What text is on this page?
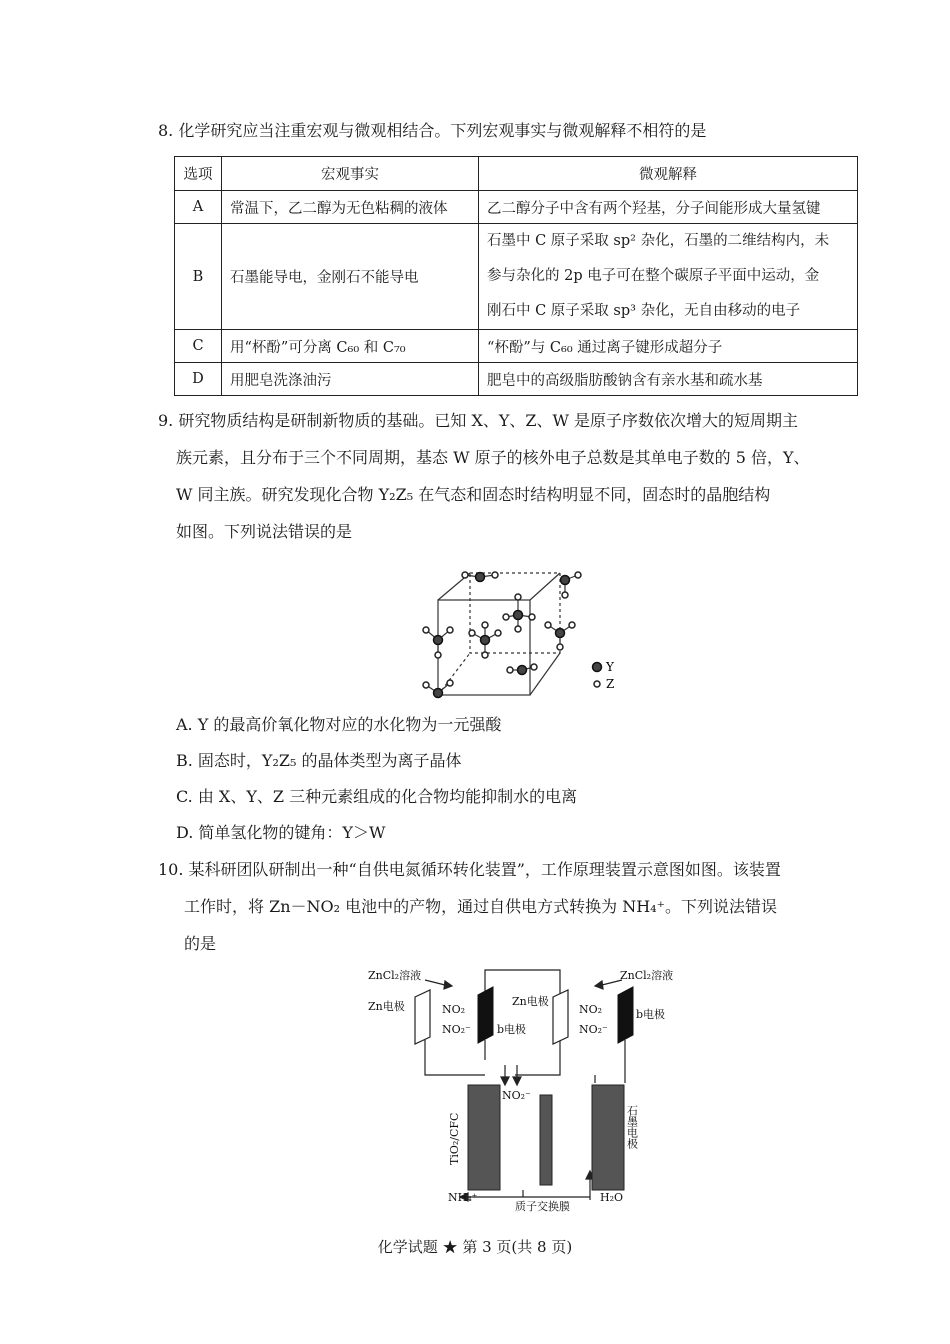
8. 化学研究应当注重宏观与微观相结合。下列宏观事实与微观解释不相符的是
选项	宏观事实	微观解释
A	常温下，乙二醇为无色粘稠的液体	乙二醇分子中含有两个羟基，分子间能形成大量氢键
B	石墨能导电，金刚石不能导电	石墨中 C 原子采取 sp² 杂化，石墨的二维结构内，未
参与杂化的 2p 电子可在整个碳原子平面中运动，金
刚石中 C 原子采取 sp³ 杂化，无自由移动的电子

C	用“杯酚”可分离 C₆₀ 和 C₇₀	“杯酚”与 C₆₀ 通过离子键形成超分子
D	用肥皂洗涤油污	肥皂中的高级脂肪酸钠含有亲水基和疏水基
9. 研究物质结构是研制新物质的基础。已知 X、Y、Z、W 是原子序数依次增大的短周期主
族元素，且分布于三个不同周期，基态 W 原子的核外电子总数是其单电子数的 5 倍，Y、
W 同主族。研究发现化合物 Y₂Z₅ 在气态和固态时结构明显不同，固态时的晶胞结构
如图。下列说法错误的是
Y
Z
A. Y 的最高价氧化物对应的水化物为一元强酸
B. 固态时，Y₂Z₅ 的晶体类型为离子晶体
C. 由 X、Y、Z 三种元素组成的化合物均能抑制水的电离
D. 简单氢化物的键角：Y＞W
10. 某科研团队研制出一种“自供电氮循环转化装置”，工作原理装置示意图如图。该装置
工作时，将 Zn－NO₂ 电池中的产物，通过自供电方式转换为 NH₄⁺。下列说法错误
的是
ZnCl₂溶液	ZnCl₂溶液
Zn电极	Zn电极
b电极
b电极
NO₂
NO₂⁻
NO₂
NO₂⁻
NO₂⁻
NH₄⁺
质子交换膜
H₂O
TiO₂/CFC	石墨电极
化学试题 ★ 第 3 页(共 8 页)
